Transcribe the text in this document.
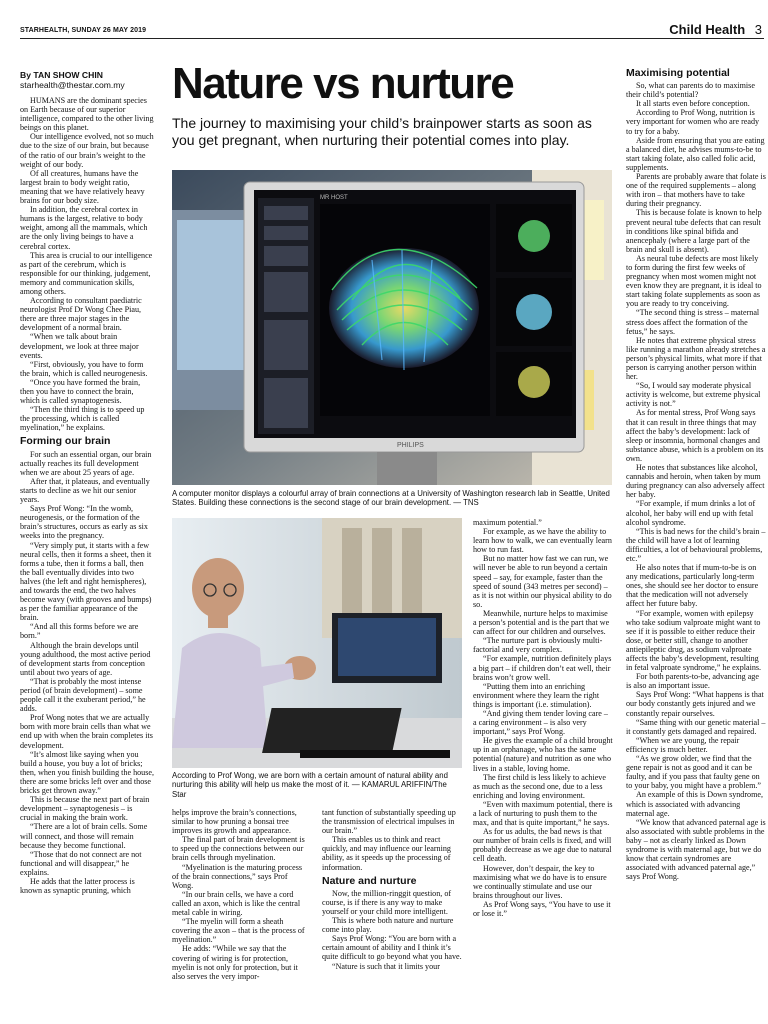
STARHEALTH, SUNDAY 26 MAY 2019	Child Health 3
Nature vs nurture
The journey to maximising your child’s brainpower starts as soon as you get pregnant, when nurturing their potential comes into play.
By TAN SHOW CHIN
starhealth@thestar.com.my

HUMANS are the dominant species on Earth because of our superior intelligence, compared to the other living beings on this planet.

Our intelligence evolved, not so much due to the size of our brain, but because of the ratio of our brain’s weight to the weight of our body.

Of all creatures, humans have the largest brain to body weight ratio, meaning that we have relatively heavy brains for our body size.

In addition, the cerebral cortex in humans is the largest, relative to body weight, among all the mammals, which are the only living beings to have a cerebral cortex.

This area is crucial to our intelligence as part of the cerebrum, which is responsible for our thinking, judgement, memory and communication skills, among others.

According to consultant paediatric neurologist Prof Dr Wong Chee Piau, there are three major stages in the development of a normal brain.

“When we talk about brain development, we look at three major events.

“First, obviously, you have to form the brain, which is called neurogenesis.

“Once you have formed the brain, then you have to connect the brain, which is called synaptogenesis.

“Then the third thing is to speed up the processing, which is called myelination,” he explains.

Forming our brain

For such an essential organ, our brain actually reaches its full development when we are about 25 years of age.

After that, it plateaus, and eventually starts to decline as we hit our senior years.

Says Prof Wong: “In the womb, neurogenesis, or the formation of the brain’s structures, occurs as early as six weeks into the pregnancy.

“Very simply put, it starts with a few neural cells, then it forms a sheet, then it forms a tube, then it forms a ball, then the ball eventually divides into two halves (the left and right hemispheres), and towards the end, the two halves become wavy (with grooves and bumps) as per the familiar appearance of the brain.

“And all this forms before we are born.”

Although the brain develops until young adulthood, the most active period of development starts from conception until about two years of age.

“That is probably the most intense period (of brain development) – some people call it the exuberant period,” he adds.

Prof Wong notes that we are actually born with more brain cells than what we end up with when the brain completes its development.

“It’s almost like saying when you build a house, you buy a lot of bricks; then, when you finish building the house, there are some bricks left over and those bricks get thrown away.”

This is because the next part of brain development – synaptogenesis – is crucial in making the brain work.

“There are a lot of brain cells. Some will connect, and those will remain because they become functional.

“Those that do not connect are not functional and will disappear,” he explains.

He adds that the latter process is known as synaptic pruning, which

MR HOST
PHILIPS
A computer monitor displays a colourful array of brain connections at a University of Washington research lab in Seattle, United States. Building these connections is the second stage of our brain development. — TNS
According to Prof Wong, we are born with a certain amount of natural ability and nurturing this ability will help us make the most of it. — KAMARUL ARIFFIN/The Star

helps improve the brain’s connections, similar to how pruning a bonsai tree improves its growth and appearance.

The final part of brain development is to speed up the connections between our brain cells through myelination.

“Myelination is the maturing process of the brain connections,” says Prof Wong.

“In our brain cells, we have a cord called an axon, which is like the central metal cable in wiring.

“The myelin will form a sheath covering the axon – that is the process of myelination.”

He adds: “While we say that the covering of wiring is for protection, myelin is not only for protection, but it also serves the very impor-

tant function of substantially speeding up the transmission of electrical impulses in our brain.”

This enables us to think and react quickly, and may influence our learning ability, as it speeds up the processing of information.

Nature and nurture

Now, the million-ringgit question, of course, is if there is any way to make yourself or your child more intelligent.

This is where both nature and nurture come into play.

Says Prof Wong: “You are born with a certain amount of ability and I think it’s quite difficult to go beyond what you have.

“Nature is such that it limits your

maximum potential.”

For example, as we have the ability to learn how to walk, we can eventually learn how to run fast.

But no matter how fast we can run, we will never be able to run beyond a certain speed – say, for example, faster than the speed of sound (343 metres per second) – as it is not within our physical ability to do so.

Meanwhile, nurture helps to maximise a person’s potential and is the part that we can affect for our children and ourselves.

“The nurture part is obviously multi-factorial and very complex.

“For example, nutrition definitely plays a big part – if children don’t eat well, their brains won’t grow well.

“Putting them into an enriching environment where they learn the right things is important (i.e. stimulation).

“And giving them tender loving care – a caring environment – is also very important,” says Prof Wong.

He gives the example of a child brought up in an orphanage, who has the same potential (nature) and nutrition as one who lives in a stable, loving home.

The first child is less likely to achieve as much as the second one, due to a less enriching and loving environment.

“Even with maximum potential, there is a lack of nurturing to push them to the max, and that is quite important,” he says.

As for us adults, the bad news is that our number of brain cells is fixed, and will probably decrease as we age due to natural cell death.

However, don’t despair, the key to maximising what we do have is to ensure we continually stimulate and use our brains throughout our lives.

As Prof Wong says, “You have to use it or lose it.”

Maximising potential

So, what can parents do to maximise their child’s potential?

It all starts even before conception.

According to Prof Wong, nutrition is very important for women who are ready to try for a baby.

Aside from ensuring that you are eating a balanced diet, he advises mums-to-be to start taking folate, also called folic acid, supplements.

Parents are probably aware that folate is one of the required supplements – along with iron – that mothers have to take during their pregnancy.

This is because folate is known to help prevent neural tube defects that can result in conditions like spinal bifida and anencephaly (where a large part of the brain and skull is absent).

As neural tube defects are most likely to form during the first few weeks of pregnancy when most women might not even know they are pregnant, it is ideal to start taking folate supplements as soon as you are ready to try conceiving.

“The second thing is stress – maternal stress does affect the formation of the fetus,” he says.

He notes that extreme physical stress like running a marathon already stretches a person’s physical limits, what more if that person is carrying another person within her.

“So, I would say moderate physical activity is welcome, but extreme physical activity is not.”

As for mental stress, Prof Wong says that it can result in three things that may affect the baby’s development: lack of sleep or insomnia, hormonal changes and substance abuse, which is a problem on its own.

He notes that substances like alcohol, cannabis and heroin, when taken by mum during pregnancy can also adversely affect her baby.

“For example, if mum drinks a lot of alcohol, her baby will end up with fetal alcohol syndrome.

“This is bad news for the child’s brain – the child will have a lot of learning difficulties, a lot of behavioural problems, etc.”

He also notes that if mum-to-be is on any medications, particularly long-term ones, she should see her doctor to ensure that the medication will not adversely affect her future baby.

“For example, women with epilepsy who take sodium valproate might want to see if it is possible to either reduce their dose, or better still, change to another antiepileptic drug, as sodium valproate affects the baby’s development, resulting in fetal valproate syndrome,” he explains.

For both parents-to-be, advancing age is also an important issue.

Says Prof Wong: “What happens is that our body constantly gets injured and we constantly repair ourselves.

“Same thing with our genetic material – it constantly gets damaged and repaired.

“When we are young, the repair efficiency is much better.

“As we grow older, we find that the gene repair is not as good and it can be faulty, and if you pass that faulty gene on to your baby, you might have a problem.”

An example of this is Down syndrome, which is associated with advancing maternal age.

“We know that advanced paternal age is also associated with subtle problems in the baby – not as clearly linked as Down syndrome is with maternal age, but we do know that certain syndromes are associated with advanced paternal age,” says Prof Wong.
